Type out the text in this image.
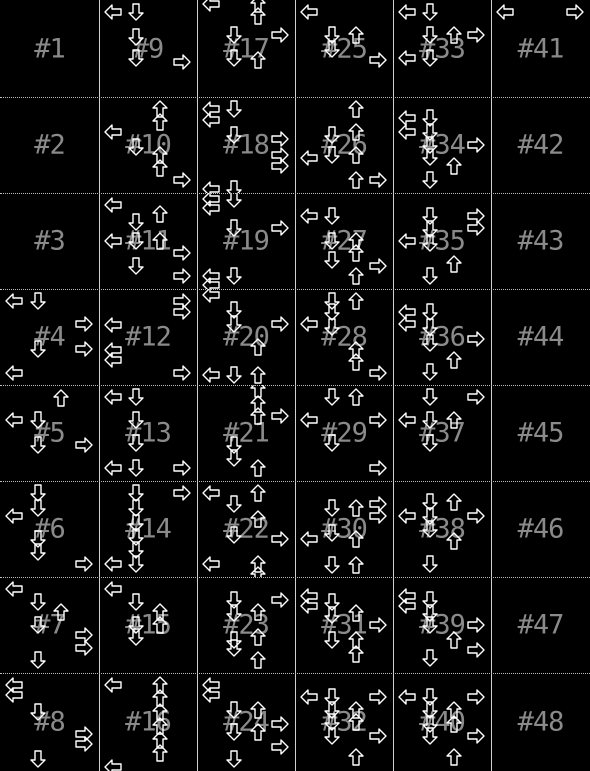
#1
#2
#3
#4
#5
#6
#7
#8
#9
#10
#11
#12
#13
#14
#15
#16
#17
#18
#19
#20
#21
#22
#23
#24
#25
#26
#27
#28
#29
#30
#31
#32
#33
#34
#35
#36
#37
#38
#39
#40
#41
#42
#43
#44
#45
#46
#47
#48
